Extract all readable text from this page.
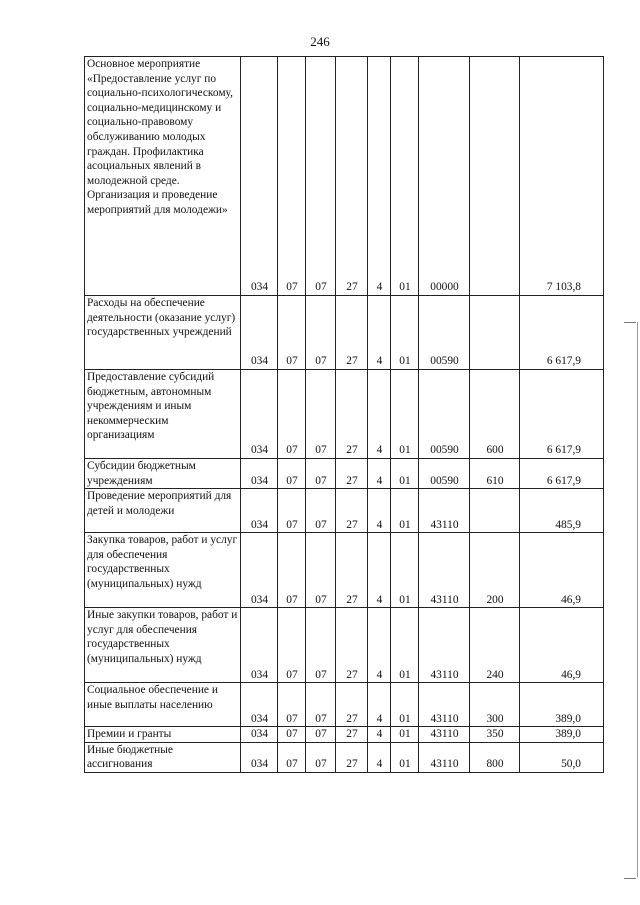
246
Основное мероприятие «Предоставление услуг по социально-психологическому, социально-медицинскому и социально-правовому обслуживанию молодых граждан. Профилактика асоциальных явлений в молодежной среде. Организация и проведение мероприятий для молодежи»	034	07	07	27	4	01	00000		7 103,8
Расходы на обеспечение деятельности (оказание услуг) государственных учреждений	034	07	07	27	4	01	00590		6 617,9
Предоставление субсидий бюджетным, автономным учреждениям и иным некоммерческим организациям	034	07	07	27	4	01	00590	600	6 617,9
Субсидии бюджетным учреждениям	034	07	07	27	4	01	00590	610	6 617,9
Проведение мероприятий для детей и молодежи	034	07	07	27	4	01	43110		485,9
Закупка товаров, работ и услуг для обеспечения государственных (муниципальных) нужд	034	07	07	27	4	01	43110	200	46,9
Иные закупки товаров, работ и услуг для обеспечения государственных (муниципальных) нужд	034	07	07	27	4	01	43110	240	46,9
Социальное обеспечение и иные выплаты населению	034	07	07	27	4	01	43110	300	389,0
Премии и гранты	034	07	07	27	4	01	43110	350	389,0
Иные бюджетные ассигнования	034	07	07	27	4	01	43110	800	50,0
